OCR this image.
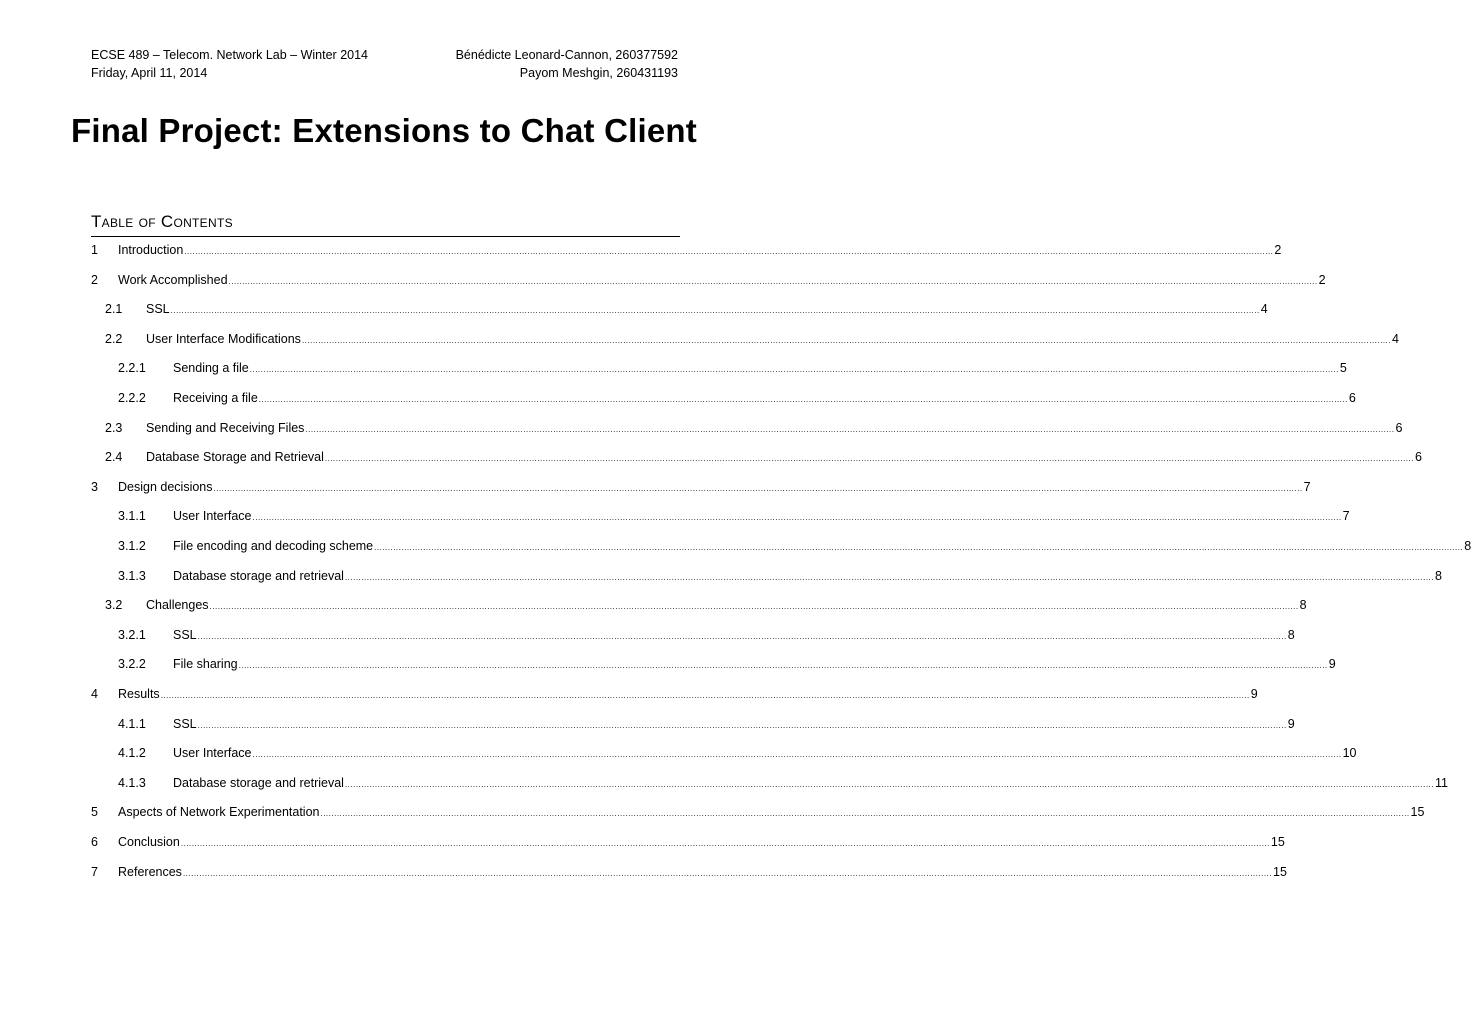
ECSE 489 – Telecom. Network Lab – Winter 2014	Bénédicte Leonard-Cannon, 260377592
Friday, April 11, 2014	Payom Meshgin, 260431193
Final Project: Extensions to Chat Client
Table of Contents
1	Introduction ................................................................................................................................................................................................................................................................................................................................................................................................................ 2
2	Work Accomplished ................................................................................................................................................................................................................................................................................................................................................................................................................ 2
2.1	SSL ................................................................................................................................................................................................................................................................................................................................................................................................................ 4
2.2	User Interface Modifications ................................................................................................................................................................................................................................................................................................................................................................................................................ 4
2.2.1	Sending a file ................................................................................................................................................................................................................................................................................................................................................................................................................ 5
2.2.2	Receiving a file ................................................................................................................................................................................................................................................................................................................................................................................................................ 6
2.3	Sending and Receiving Files ................................................................................................................................................................................................................................................................................................................................................................................................................ 6
2.4	Database Storage and Retrieval ................................................................................................................................................................................................................................................................................................................................................................................................................ 6
3	Design decisions ................................................................................................................................................................................................................................................................................................................................................................................................................ 7
3.1.1	User Interface ................................................................................................................................................................................................................................................................................................................................................................................................................ 7
3.1.2	File encoding and decoding scheme ................................................................................................................................................................................................................................................................................................................................................................................................................ 8
3.1.3	Database storage and retrieval ................................................................................................................................................................................................................................................................................................................................................................................................................ 8
3.2	Challenges ................................................................................................................................................................................................................................................................................................................................................................................................................ 8
3.2.1	SSL ................................................................................................................................................................................................................................................................................................................................................................................................................ 8
3.2.2	File sharing ................................................................................................................................................................................................................................................................................................................................................................................................................ 9
4	Results ................................................................................................................................................................................................................................................................................................................................................................................................................ 9
4.1.1	SSL ................................................................................................................................................................................................................................................................................................................................................................................................................ 9
4.1.2	User Interface ................................................................................................................................................................................................................................................................................................................................................................................................................ 10
4.1.3	Database storage and retrieval ................................................................................................................................................................................................................................................................................................................................................................................................................ 11
5	Aspects of Network Experimentation ................................................................................................................................................................................................................................................................................................................................................................................................................ 15
6	Conclusion ................................................................................................................................................................................................................................................................................................................................................................................................................ 15
7	References ................................................................................................................................................................................................................................................................................................................................................................................................................ 15
